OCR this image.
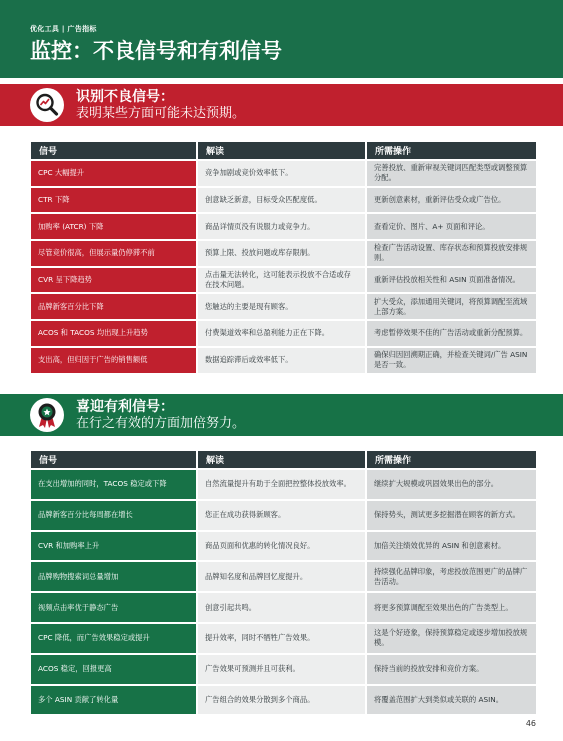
优化工具 | 广告指标
监控：不良信号和有利信号
识别不良信号：
表明某些方面可能未达预期。
信号	解读	所需操作
CPC 大幅提升	竞争加剧或竞价效率低下。	完善投放、重新审视关键词匹配类型或调整预算分配。
CTR 下降	创意缺乏新意，目标受众匹配度低。	更新创意素材，重新评估受众或广告位。
加购率 (ATCR) 下降	商品详情页没有说服力或竞争力。	查看定价、图片、A+ 页面和评论。
尽管竞价很高，但展示量仍停滞不前	预算上限、投放问题或库存限制。	检查广告活动设置、库存状态和预算投放安排规则。
CVR 呈下降趋势	点击量无法转化，这可能表示投放不合适或存在技术问题。	重新评估投放相关性和 ASIN 页面准备情况。
品牌新客百分比下降	您触达的主要是现有顾客。	扩大受众，添加通用关键词，将预算调配至流域上部方案。
ACOS 和 TACOS 均出现上升趋势	付费渠道效率和总盈利能力正在下降。	考虑暂停效果不佳的广告活动或重新分配预算。
支出高，但归因于广告的销售额低	数据追踪滞后或效率低下。	确保归因回溯期正确，并检查关键词/广告 ASIN 是否一致。
喜迎有利信号：
在行之有效的方面加倍努力。
信号	解读	所需操作
在支出增加的同时，TACOS 稳定或下降	自然流量提升有助于全面把控整体投放效率。	继续扩大规模或巩固效果出色的部分。
品牌新客百分比每周都在增长	您正在成功获得新顾客。	保持势头，测试更多挖掘潜在顾客的新方式。
CVR 和加购率上升	商品页面和优惠的转化情况良好。	加倍关注绩效优异的 ASIN 和创意素材。
品牌购物搜索词总量增加	品牌知名度和品牌回忆度提升。	持续强化品牌印象，考虑投放范围更广的品牌广告活动。
视频点击率优于静态广告	创意引起共鸣。	将更多预算调配至效果出色的广告类型上。
CPC 降低，而广告效果稳定或提升	提升效率，同时不牺牲广告效果。	这是个好迹象，保持预算稳定或逐步增加投放规模。
ACOS 稳定，回报更高	广告效果可预测并且可获利。	保持当前的投放安排和竞价方案。
多个 ASIN 贡献了转化量	广告组合的效果分散到多个商品。	将覆盖范围扩大到类似或关联的 ASIN。
46
